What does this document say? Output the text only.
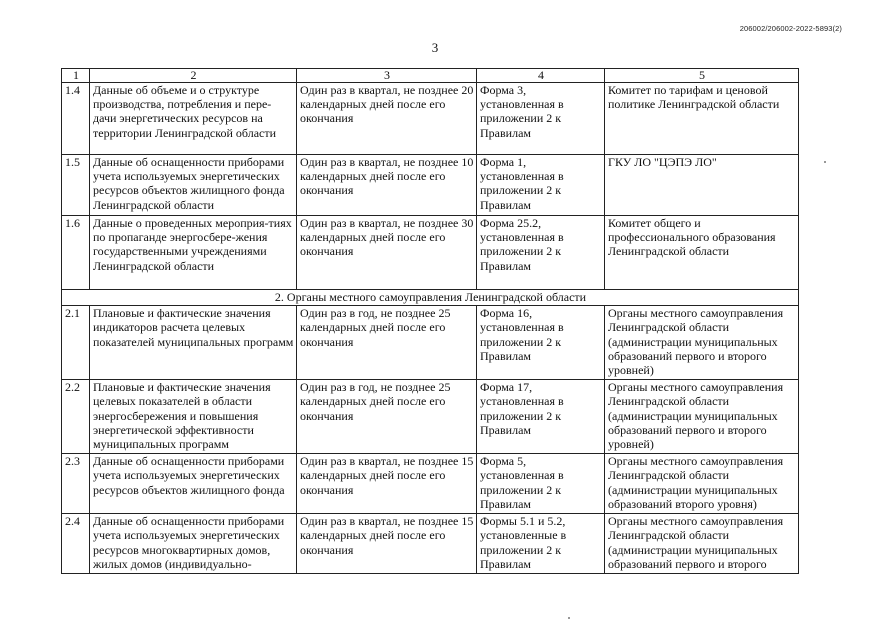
206002/206002-2022-5893(2)
3
1	2	3	4	5
1.4	Данные об объеме и о структуре производства, потребления и пере-дачи энергетических ресурсов на территории Ленинградской области	Один раз в квартал, не позднее 20 календарных дней после его окончания	Форма 3, установленная в приложении 2 к Правилам	Комитет по тарифам и ценовой политике Ленинградской области
1.5	Данные об оснащенности приборами учета используемых энергетических ресурсов объектов жилищного фонда Ленинградской области	Один раз в квартал, не позднее 10 календарных дней после его окончания	Форма 1, установленная в приложении 2 к Правилам	ГКУ ЛО "ЦЭПЭ ЛО"
1.6	Данные о проведенных мероприя-тиях по пропаганде энергосбере-жения государственными учреждениями Ленинградской области	Один раз в квартал, не позднее 30 календарных дней после его окончания	Форма 25.2, установленная в приложении 2 к Правилам	Комитет общего и профессионального образования Ленинградской области
2. Органы местного самоуправления Ленинградской области				
2.1	Плановые и фактические значения индикаторов расчета целевых показателей муниципальных программ	Один раз в год, не позднее 25 календарных дней после его окончания	Форма 16, установленная в приложении 2 к Правилам	Органы местного самоуправления Ленинградской области (администрации муниципальных образований первого и второго уровней)
2.2	Плановые и фактические значения целевых показателей в области энергосбережения и повышения энергетической эффективности муниципальных программ	Один раз в год, не позднее 25 календарных дней после его окончания	Форма 17, установленная в приложении 2 к Правилам	Органы местного самоуправления Ленинградской области (администрации муниципальных образований первого и второго уровней)
2.3	Данные об оснащенности приборами учета используемых энергетических ресурсов объектов жилищного фонда	Один раз в квартал, не позднее 15 календарных дней после его окончания	Форма 5, установленная в приложении 2 к Правилам	Органы местного самоуправления Ленинградской области (администрации муниципальных образований второго уровня)
2.4	Данные об оснащенности приборами учета используемых энергетических ресурсов многоквартирных домов, жилых домов (индивидуально-	Один раз в квартал, не позднее 15 календарных дней после его окончания	Формы 5.1 и 5.2, установленные в приложении 2 к Правилам	Органы местного самоуправления Ленинградской области (администрации муниципальных образований первого и второго
